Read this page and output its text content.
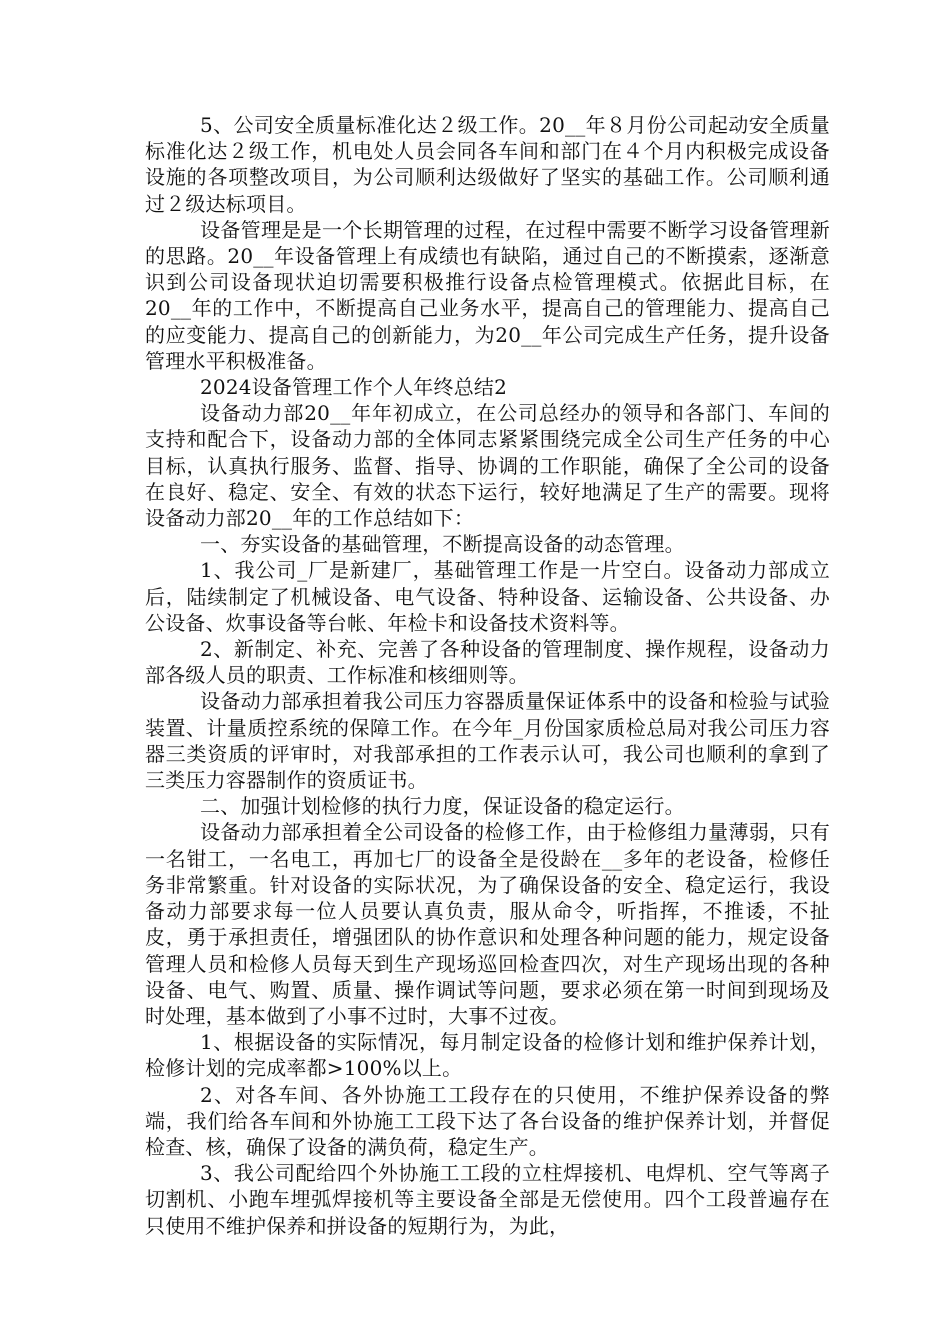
5、公司安全质量标准化达２级工作。20__年８月份公司起动安全质量标准化达２级工作，机电处人员会同各车间和部门在４个月内积极完成设备设施的各项整改项目，为公司顺利达级做好了坚实的基础工作。公司顺利通过２级达标项目。

设备管理是是一个长期管理的过程，在过程中需要不断学习设备管理新的思路。20__年设备管理上有成绩也有缺陷，通过自己的不断摸索，逐渐意识到公司设备现状迫切需要积极推行设备点检管理模式。依据此目标，在20__年的工作中，不断提高自己业务水平，提高自己的管理能力、提高自己的应变能力、提高自己的创新能力，为20__年公司完成生产任务，提升设备管理水平积极准备。

2024设备管理工作个人年终总结2

设备动力部20__年年初成立，在公司总经办的领导和各部门、车间的支持和配合下，设备动力部的全体同志紧紧围绕完成全公司生产任务的中心目标，认真执行服务、监督、指导、协调的工作职能，确保了全公司的设备在良好、稳定、安全、有效的状态下运行，较好地满足了生产的需要。现将设备动力部20__年的工作总结如下：

一、夯实设备的基础管理，不断提高设备的动态管理。

1、我公司_厂是新建厂，基础管理工作是一片空白。设备动力部成立后，陆续制定了机械设备、电气设备、特种设备、运输设备、公共设备、办公设备、炊事设备等台帐、年检卡和设备技术资料等。

2、新制定、补充、完善了各种设备的管理制度、操作规程，设备动力部各级人员的职责、工作标准和核细则等。

设备动力部承担着我公司压力容器质量保证体系中的设备和检验与试验装置、计量质控系统的保障工作。在今年_月份国家质检总局对我公司压力容器三类资质的评审时，对我部承担的工作表示认可，我公司也顺利的拿到了三类压力容器制作的资质证书。

二、加强计划检修的执行力度，保证设备的稳定运行。

设备动力部承担着全公司设备的检修工作，由于检修组力量薄弱，只有一名钳工，一名电工，再加七厂的设备全是役龄在__多年的老设备，检修任务非常繁重。针对设备的实际状况，为了确保设备的安全、稳定运行，我设备动力部要求每一位人员要认真负责，服从命令，听指挥，不推诿，不扯皮，勇于承担责任，增强团队的协作意识和处理各种问题的能力，规定设备管理人员和检修人员每天到生产现场巡回检查四次，对生产现场出现的各种设备、电气、购置、质量、操作调试等问题，要求必须在第一时间到现场及时处理，基本做到了小事不过时，大事不过夜。

1、根据设备的实际情况，每月制定设备的检修计划和维护保养计划，检修计划的完成率都>100%以上。

2、对各车间、各外协施工工段存在的只使用，不维护保养设备的弊端，我们给各车间和外协施工工段下达了各台设备的维护保养计划，并督促检查、核，确保了设备的满负荷，稳定生产。

3、我公司配给四个外协施工工段的立柱焊接机、电焊机、空气等离子切割机、小跑车埋弧焊接机等主要设备全部是无偿使用。四个工段普遍存在只使用不维护保养和拼设备的短期行为，为此，
